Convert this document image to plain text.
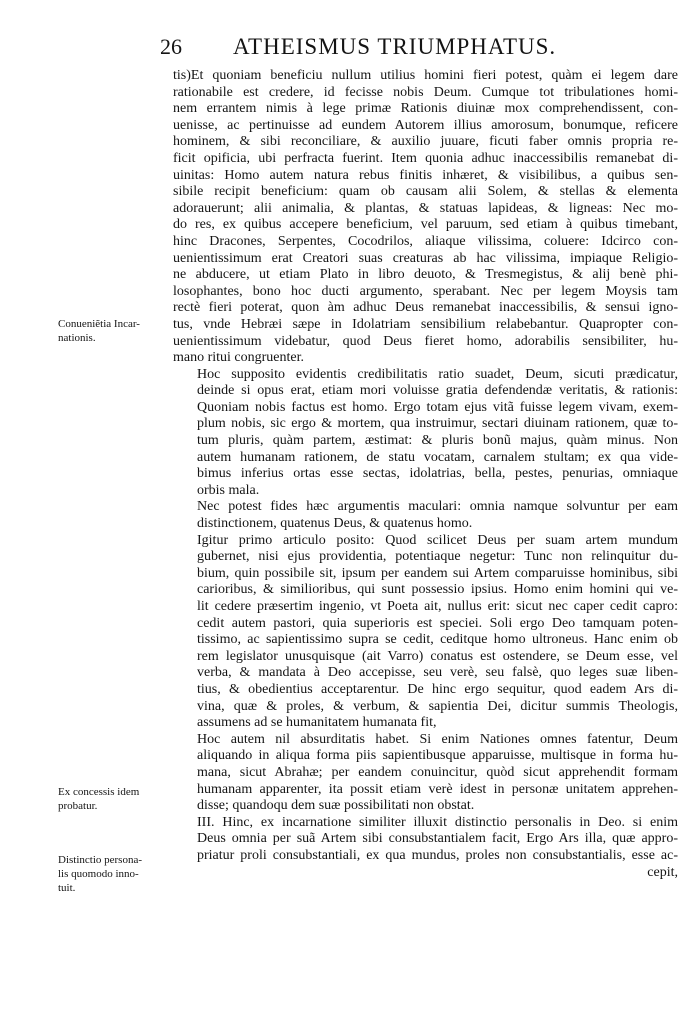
26 ATHEISMUS TRIUMPHATUS.
Conueniẽtia Incar-
nationis.
Ex concessis idem
probatur.
Distinctio persona-
lis quomodo inno-
tuit.
tis)Et quoniam beneficiu nullum utilius homini fieri potest, quàm ei legem dare
rationabile est credere, id fecisse nobis Deum. Cumque tot tribulationes homi-
nem errantem nimis à lege primæ Rationis diuinæ mox comprehendissent, con-
uenisse, ac pertinuisse ad eundem Autorem illius amorosum, bonumque, reficere
hominem, & sibi reconciliare, & auxilio juuare, ficuti faber omnis propria re-
ficit opificia, ubi perfracta fuerint. Item quonia adhuc inaccessibilis remanebat di-
uinitas: Homo autem natura rebus finitis inhæret, & visibilibus, a quibus sen-
sibile recipit beneficium: quam ob causam alii Solem, & stellas & elementa
adorauerunt; alii animalia, & plantas, & statuas lapideas, & ligneas: Nec mo-
do res, ex quibus accepere beneficium, vel paruum, sed etiam à quibus timebant,
hinc Dracones, Serpentes, Cocodrilos, aliaque vilissima, coluere: Idcirco con-
uenientissimum erat Creatori suas creaturas ab hac vilissima, impiaque Religio-
ne abducere, ut etiam Plato in libro deuoto, & Tresmegistus, & alij benè phi-
losophantes, bono hoc ducti argumento, sperabant. Nec per legem Moysis tam
rectè fieri poterat, quon àm adhuc Deus remanebat inaccessibilis, & sensui igno-
tus, vnde Hebræi sæpe in Idolatriam sensibilium relabebantur. Quapropter con-
uenientissimum videbatur, quod Deus fieret homo, adorabilis sensibiliter, hu-
mano ritui congruenter.
Hoc supposito evidentis credibilitatis ratio suadet, Deum, sicuti prædicatur,
deinde si opus erat, etiam mori voluisse gratia defendendæ veritatis, & rationis:
Quoniam nobis factus est homo. Ergo totam ejus vitã fuisse legem vivam, exem-
plum nobis, sic ergo & mortem, qua instruimur, sectari diuinam rationem, quæ to-
tum pluris, quàm partem, æstimat: & pluris bonũ majus, quàm minus. Non
autem humanam rationem, de statu vocatam, carnalem stultam; ex qua vide-
bimus inferius ortas esse sectas, idolatrias, bella, pestes, penurias, omniaque
orbis mala.
Nec potest fides hæc argumentis maculari: omnia namque solvuntur per eam
distinctionem, quatenus Deus, & quatenus homo.
Igitur primo articulo posito: Quod scilicet Deus per suam artem mundum
gubernet, nisi ejus providentia, potentiaque negetur: Tunc non relinquitur du-
bium, quin possibile sit, ipsum per eandem sui Artem comparuisse hominibus, sibi
carioribus, & similioribus, qui sunt possessio ipsius. Homo enim homini qui ve-
lit cedere præsertim ingenio, vt Poeta ait, nullus erit: sicut nec caper cedit capro:
cedit autem pastori, quia superioris est speciei. Soli ergo Deo tamquam poten-
tissimo, ac sapientissimo supra se cedit, ceditque homo ultroneus. Hanc enim ob
rem legislator unusquisque (ait Varro) conatus est ostendere, se Deum esse, vel
verba, & mandata à Deo accepisse, seu verè, seu falsè, quo leges suæ liben-
tius, & obedientius acceptarentur. De hinc ergo sequitur, quod eadem Ars di-
vina, quæ & proles, & verbum, & sapientia Dei, dicitur summis Theologis,
assumens ad se humanitatem humanata fit,
Hoc autem nil absurditatis habet. Si enim Nationes omnes fatentur, Deum
aliquando in aliqua forma piis sapientibusque apparuisse, multisque in forma hu-
mana, sicut Abrahæ; per eandem conuincitur, quòd sicut apprehendit formam
humanam apparenter, ita possit etiam verè idest in personæ unitatem apprehen-
disse; quandoqu dem suæ possibilitati non obstat.
III. Hinc, ex incarnatione similiter illuxit distinctio personalis in Deo. si enim
Deus omnia per suã Artem sibi consubstantialem facit, Ergo Ars illa, quæ appro-
priatur proli consubstantiali, ex qua mundus, proles non consubstantialis, esse ac-
cepit,
